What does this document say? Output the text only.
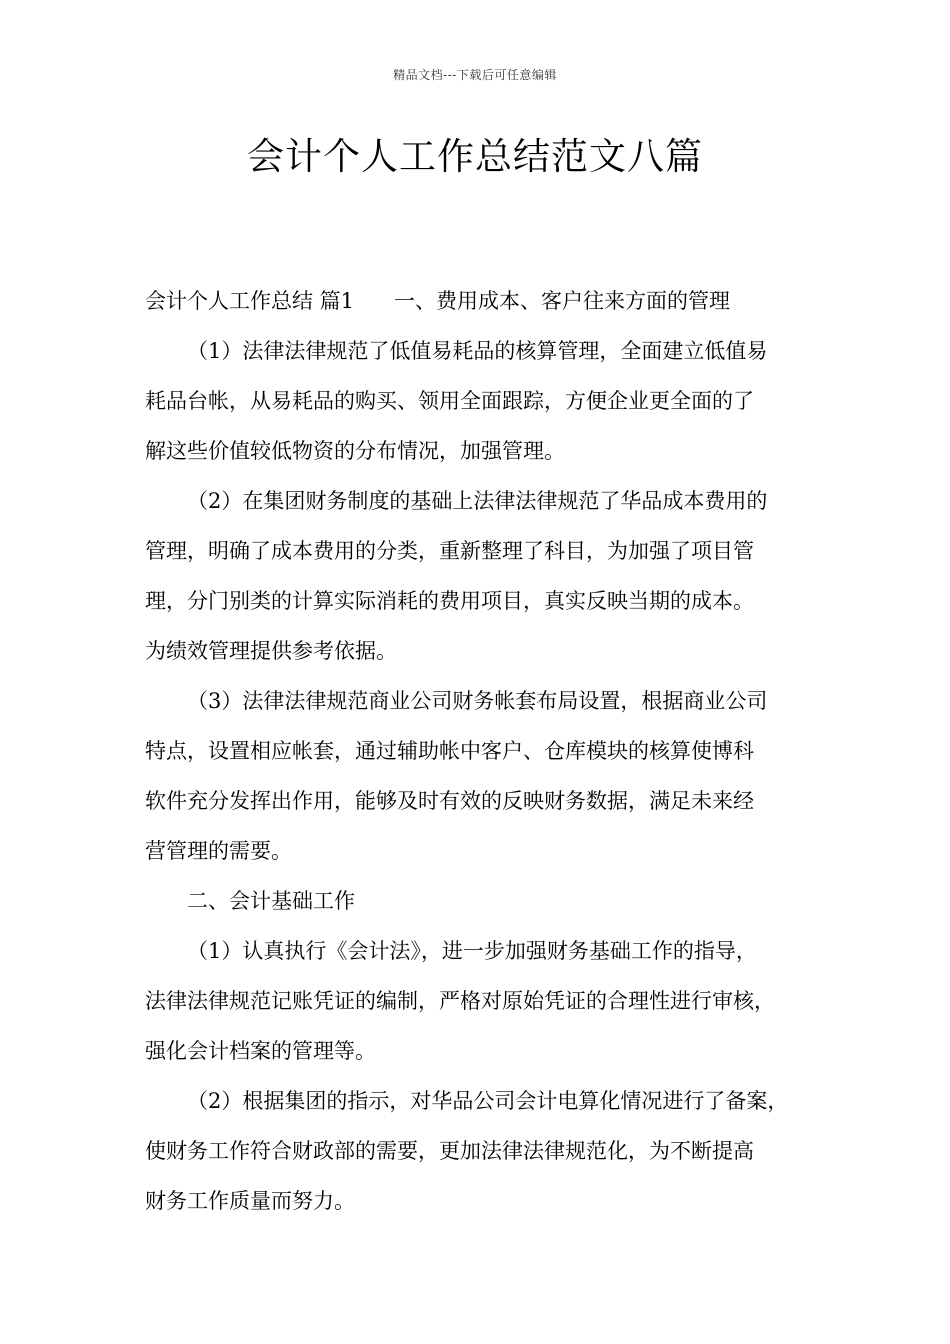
精品文档---下载后可任意编辑
会计个人工作总结范文八篇
会计个人工作总结 篇1 一、费用成本、客户往来方面的管理
（1）法律法律规范了低值易耗品的核算管理，全面建立低值易
耗品台帐，从易耗品的购买、领用全面跟踪，方便企业更全面的了
解这些价值较低物资的分布情况，加强管理。
（2）在集团财务制度的基础上法律法律规范了华品成本费用的
管理，明确了成本费用的分类，重新整理了科目，为加强了项目管
理，分门别类的计算实际消耗的费用项目，真实反映当期的成本。
为绩效管理提供参考依据。
（3）法律法律规范商业公司财务帐套布局设置，根据商业公司
特点，设置相应帐套，通过辅助帐中客户、仓库模块的核算使博科
软件充分发挥出作用，能够及时有效的反映财务数据，满足未来经
营管理的需要。
二、会计基础工作
（1）认真执行《会计法》，进一步加强财务基础工作的指导，
法律法律规范记账凭证的编制，严格对原始凭证的合理性进行审核，
强化会计档案的管理等。
（2）根据集团的指示，对华品公司会计电算化情况进行了备案，
使财务工作符合财政部的需要，更加法律法律规范化，为不断提高
财务工作质量而努力。
